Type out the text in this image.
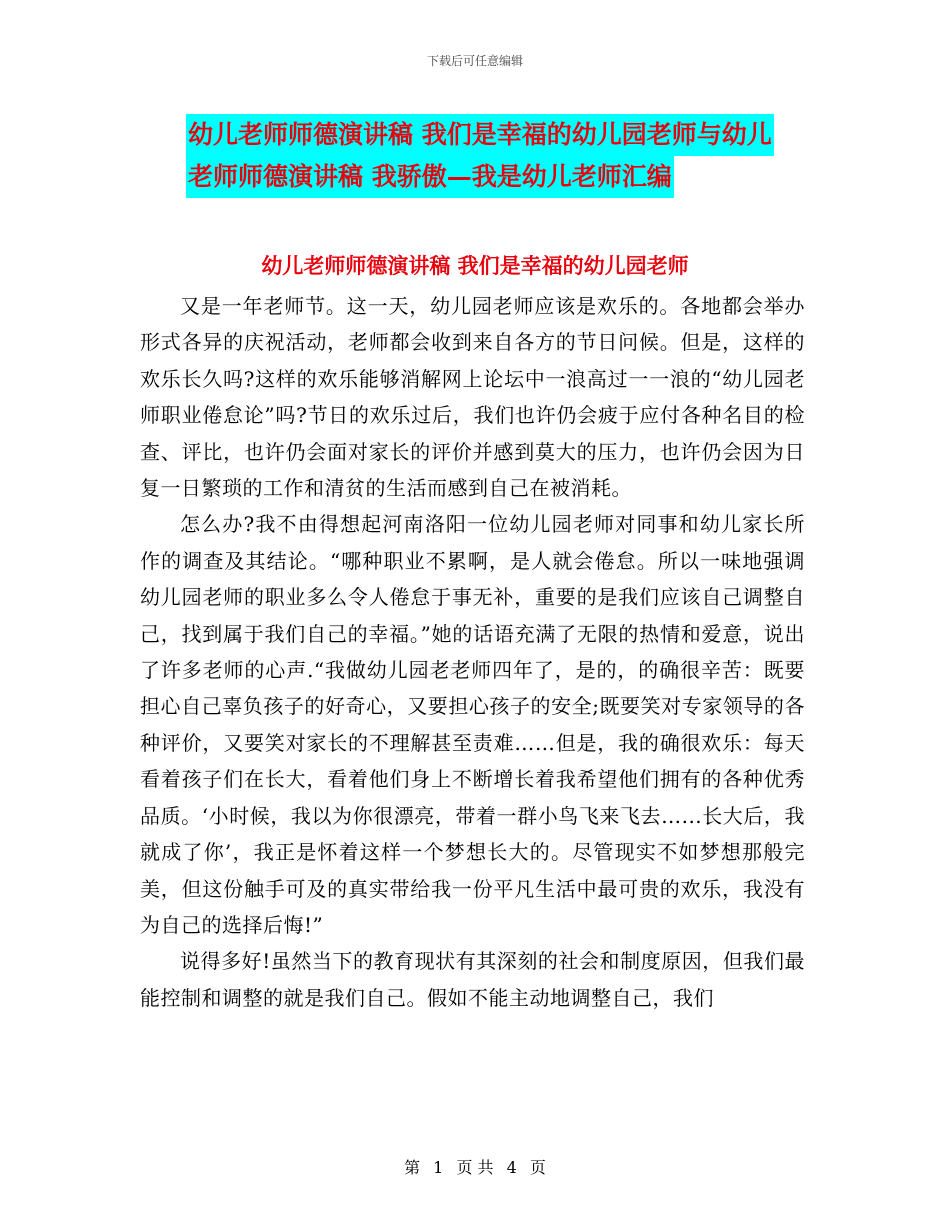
下载后可任意编辑
幼儿老师师德演讲稿 我们是幸福的幼儿园老师与幼儿
老师师德演讲稿 我骄傲—我是幼儿老师汇编
幼儿老师师德演讲稿 我们是幸福的幼儿园老师

又是一年老师节。这一天，幼儿园老师应该是欢乐的。各地都会举办形式各异的庆祝活动，老师都会收到来自各方的节日问候。但是，这样的欢乐长久吗?这样的欢乐能够消解网上论坛中一浪高过一一浪的“幼儿园老师职业倦怠论”吗?节日的欢乐过后，我们也许仍会疲于应付各种名目的检查、评比，也许仍会面对家长的评价并感到莫大的压力，也许仍会因为日复一日繁琐的工作和清贫的生活而感到自己在被消耗。

怎么办?我不由得想起河南洛阳一位幼儿园老师对同事和幼儿家长所作的调查及其结论。“哪种职业不累啊，是人就会倦怠。所以一味地强调幼儿园老师的职业多么令人倦怠于事无补，重要的是我们应该自己调整自己，找到属于我们自己的幸福。”她的话语充满了无限的热情和爱意，说出了许多老师的心声.“我做幼儿园老老师四年了，是的，的确很辛苦：既要担心自己辜负孩子的好奇心，又要担心孩子的安全;既要笑对专家领导的各种评价，又要笑对家长的不理解甚至责难……但是，我的确很欢乐：每天看着孩子们在长大，看着他们身上不断增长着我希望他们拥有的各种优秀品质。‘小时候，我以为你很漂亮，带着一群小鸟飞来飞去…...长大后，我就成了你’，我正是怀着这样一个梦想长大的。尽管现实不如梦想那般完美，但这份触手可及的真实带给我一份平凡生活中最可贵的欢乐，我没有为自己的选择后悔!”

说得多好!虽然当下的教育现状有其深刻的社会和制度原因，但我们最能控制和调整的就是我们自己。假如不能主动地调整自己，我们

第 1 页 共 4 页
